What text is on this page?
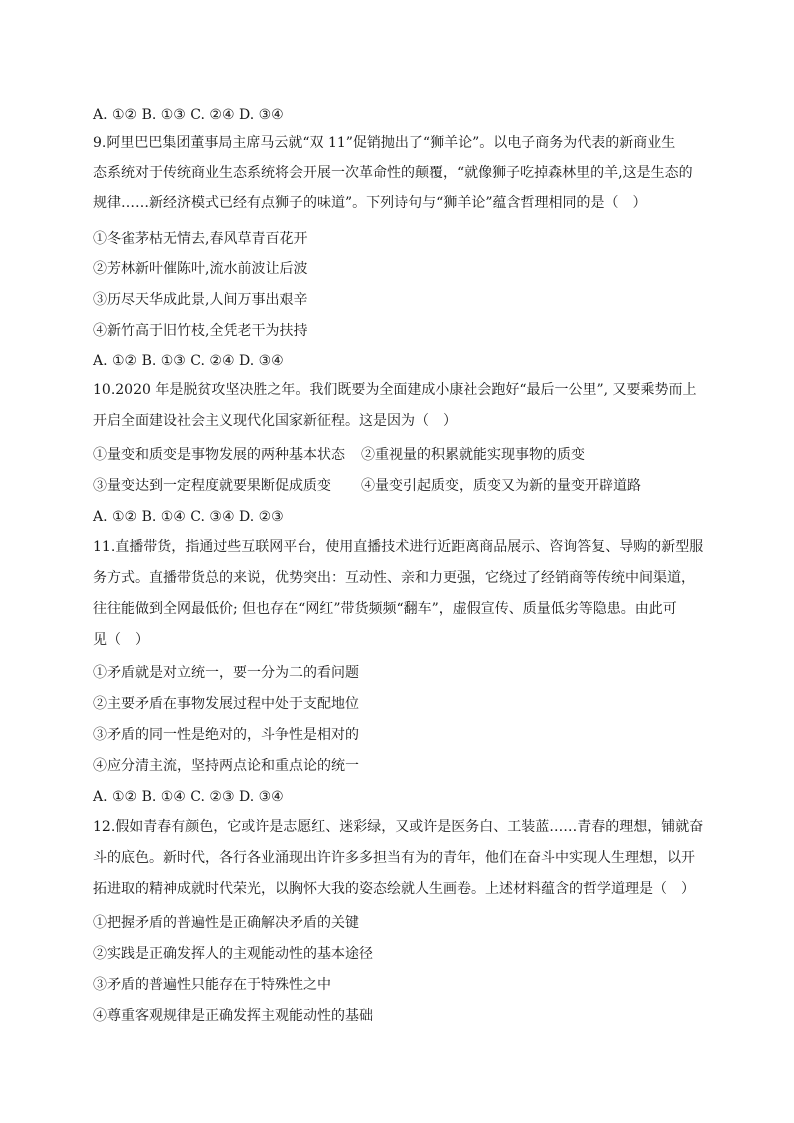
A. ①② B. ①③ C. ②④ D. ③④
9.阿里巴巴集团董事局主席马云就“双 11”促销抛出了“狮羊论”。以电子商务为代表的新商业生
态系统对于传统商业生态系统将会开展一次革命性的颠覆，“就像狮子吃掉森林里的羊,这是生态的
规律……新经济模式已经有点狮子的味道”。下列诗句与“狮羊论”蕴含哲理相同的是（　）
①冬雀茅枯无情去,春风草青百花开
②芳林新叶催陈叶,流水前波让后波
③历尽天华成此景,人间万事出艰辛
④新竹高于旧竹枝,全凭老干为扶持
A. ①② B. ①③ C. ②④ D. ③④
10.2020 年是脱贫攻坚决胜之年。我们既要为全面建成小康社会跑好“最后一公里”, 又要乘势而上
开启全面建设社会主义现代化国家新征程。这是因为（　）
①量变和质变是事物发展的两种基本状态 ②重视量的积累就能实现事物的质变
③量变达到一定程度就要果断促成质变 ④量变引起质变，质变又为新的量变开辟道路
A. ①② B. ①④ C. ③④ D. ②③
11.直播带货，指通过些互联网平台，使用直播技术进行近距离商品展示、咨询答复、导购的新型服
务方式。直播带货总的来说，优势突出：互动性、亲和力更强，它绕过了经销商等传统中间渠道，
往往能做到全网最低价; 但也存在“网红”带货频频“翻车”，虚假宣传、质量低劣等隐患。由此可
见（　）
①矛盾就是对立统一，要一分为二的看问题
②主要矛盾在事物发展过程中处于支配地位
③矛盾的同一性是绝对的，斗争性是相对的
④应分清主流，坚持两点论和重点论的统一
A. ①② B. ①④ C. ②③ D. ③④
12.假如青春有颜色，它或许是志愿红、迷彩绿，又或许是医务白、工装蓝……青春的理想，铺就奋
斗的底色。新时代，各行各业涌现出许许多多担当有为的青年，他们在奋斗中实现人生理想，以开
拓进取的精神成就时代荣光，以胸怀大我的姿态绘就人生画卷。上述材料蕴含的哲学道理是（　）
①把握矛盾的普遍性是正确解决矛盾的关键
②实践是正确发挥人的主观能动性的基本途径
③矛盾的普遍性只能存在于特殊性之中
④尊重客观规律是正确发挥主观能动性的基础
